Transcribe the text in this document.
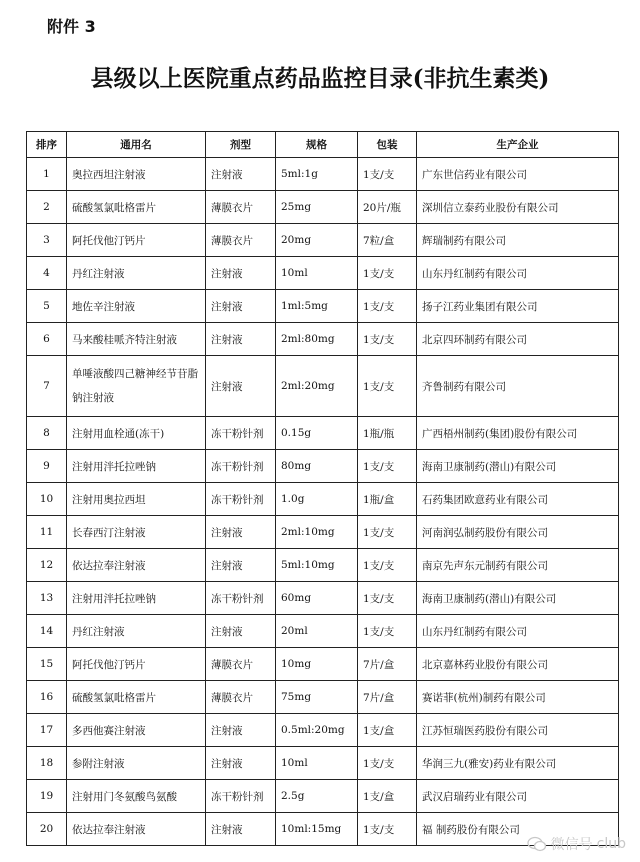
附件 3
县级以上医院重点药品监控目录(非抗生素类)
排序	通用名	剂型	规格	包装	生产企业
1	奥拉西坦注射液	注射液	5ml:1g	1支/支	广东世信药业有限公司
2	硫酸氢氯吡格雷片	薄膜衣片	25mg	20片/瓶	深圳信立泰药业股份有限公司
3	阿托伐他汀钙片	薄膜衣片	20mg	7粒/盒	辉瑞制药有限公司
4	丹红注射液	注射液	10ml	1支/支	山东丹红制药有限公司
5	地佐辛注射液	注射液	1ml:5mg	1支/支	扬子江药业集团有限公司
6	马来酸桂哌齐特注射液	注射液	2ml:80mg	1支/支	北京四环制药有限公司
7	单唾液酸四己糖神经节苷脂钠注射液	注射液	2ml:20mg	1支/支	齐鲁制药有限公司
8	注射用血栓通(冻干)	冻干粉针剂	0.15g	1瓶/瓶	广西梧州制药(集团)股份有限公司
9	注射用泮托拉唑钠	冻干粉针剂	80mg	1支/支	海南卫康制药(潜山)有限公司
10	注射用奥拉西坦	冻干粉针剂	1.0g	1瓶/盒	石药集团欧意药业有限公司
11	长春西汀注射液	注射液	2ml:10mg	1支/支	河南润弘制药股份有限公司
12	依达拉奉注射液	注射液	5ml:10mg	1支/支	南京先声东元制药有限公司
13	注射用泮托拉唑钠	冻干粉针剂	60mg	1支/支	海南卫康制药(潜山)有限公司
14	丹红注射液	注射液	20ml	1支/支	山东丹红制药有限公司
15	阿托伐他汀钙片	薄膜衣片	10mg	7片/盒	北京嘉林药业股份有限公司
16	硫酸氢氯吡格雷片	薄膜衣片	75mg	7片/盒	赛诺菲(杭州)制药有限公司
17	多西他赛注射液	注射液	0.5ml:20mg	1支/盒	江苏恒瑞医药股份有限公司
18	参附注射液	注射液	10ml	1支/支	华润三九(雅安)药业有限公司
19	注射用门冬氨酸鸟氨酸	冻干粉针剂	2.5g	1支/盒	武汉启瑞药业有限公司
20	依达拉奉注射液	注射液	10ml:15mg	1支/支	福 制药股份有限公司
微信号 club
